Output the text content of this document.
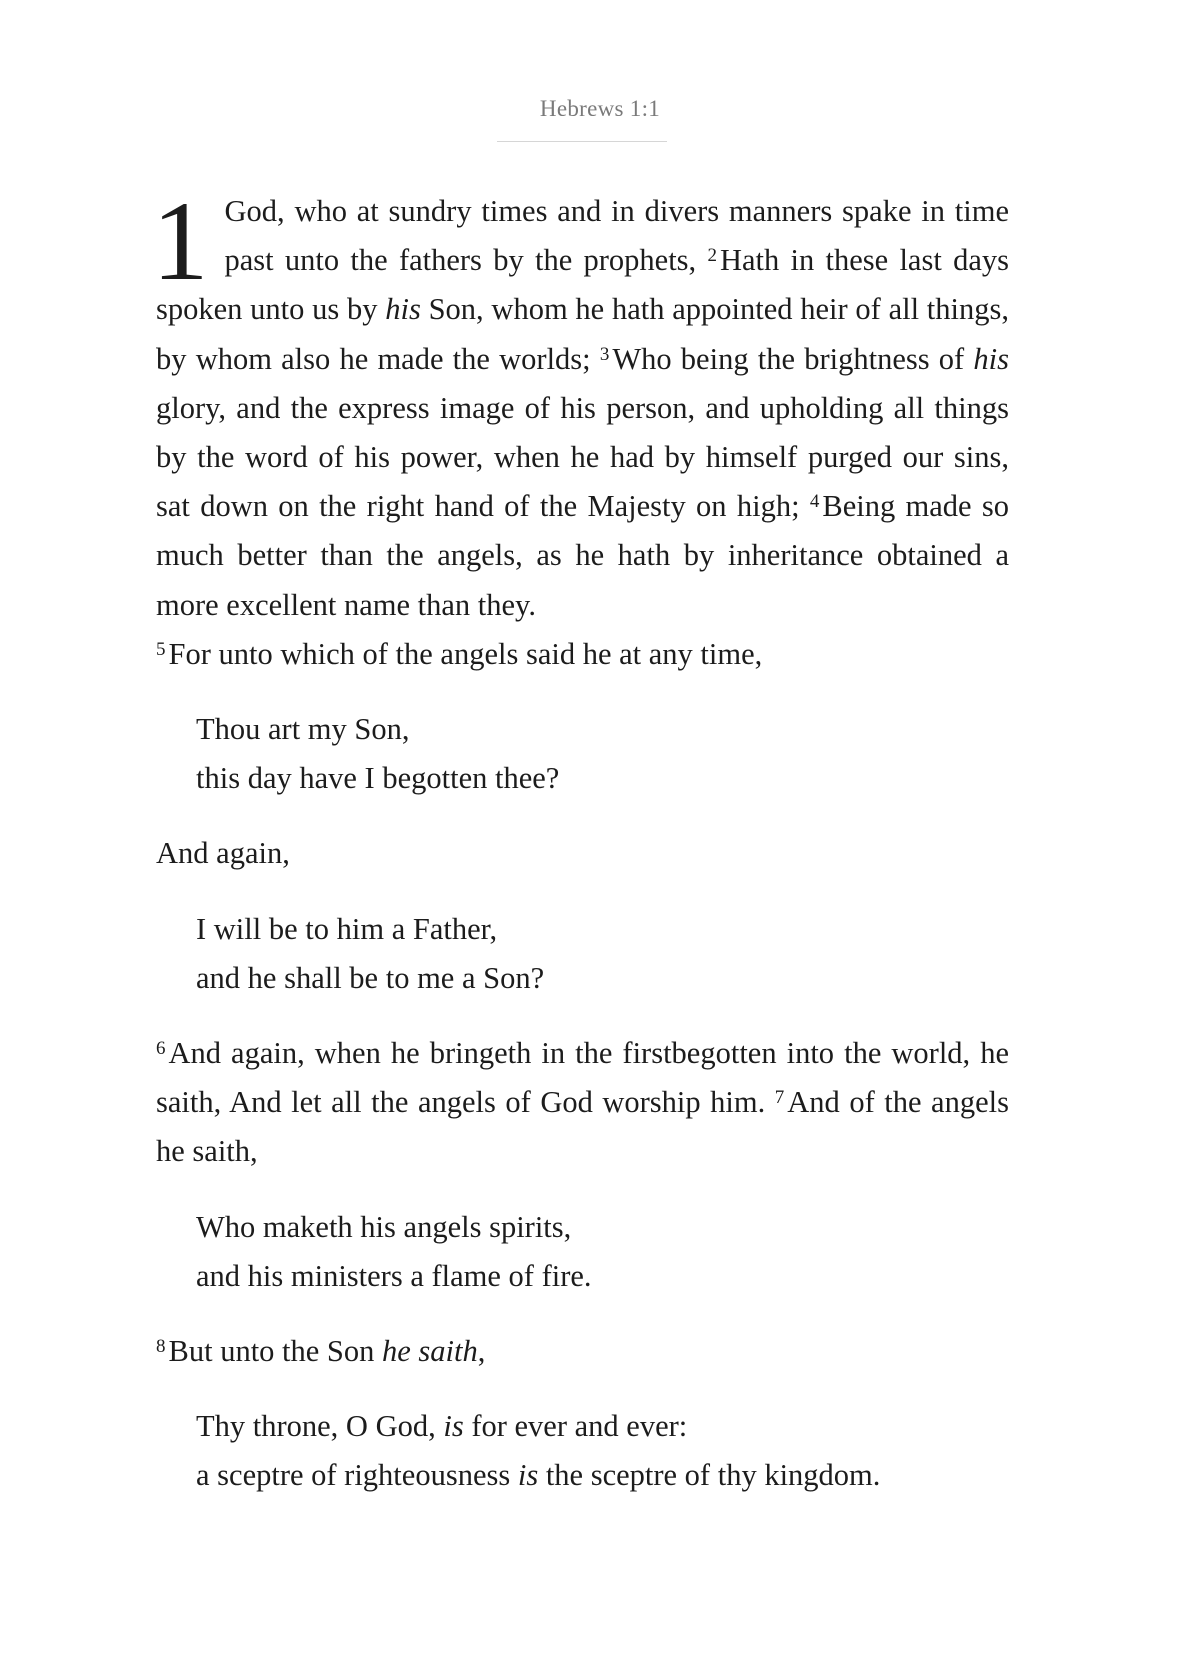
Hebrews 1:1

1 God, who at sundry times and in divers manners spake in time past unto the fathers by the prophets, $^2$Hath in these last days spoken unto us by his Son, whom he hath appointed heir of all things, by whom also he made the worlds; $^3$Who being the brightness of his glory, and the express image of his person, and upholding all things by the word of his power, when he had by himself purged our sins, sat down on the right hand of the Majesty on high; $^4$Being made so much better than the angels, as he hath by inheritance obtained a more excellent name than they.
$^5$For unto which of the angels said he at any time,

Thou art my Son,
this day have I begotten thee?

And again,

I will be to him a Father,
and he shall be to me a Son?

$^6$And again, when he bringeth in the firstbegotten into the world, he saith, And let all the angels of God worship him. $^7$And of the angels he saith,

Who maketh his angels spirits,
and his ministers a flame of fire.

$^8$But unto the Son he saith,

Thy throne, O God, is for ever and ever:
a sceptre of righteousness is the sceptre of thy kingdom.
